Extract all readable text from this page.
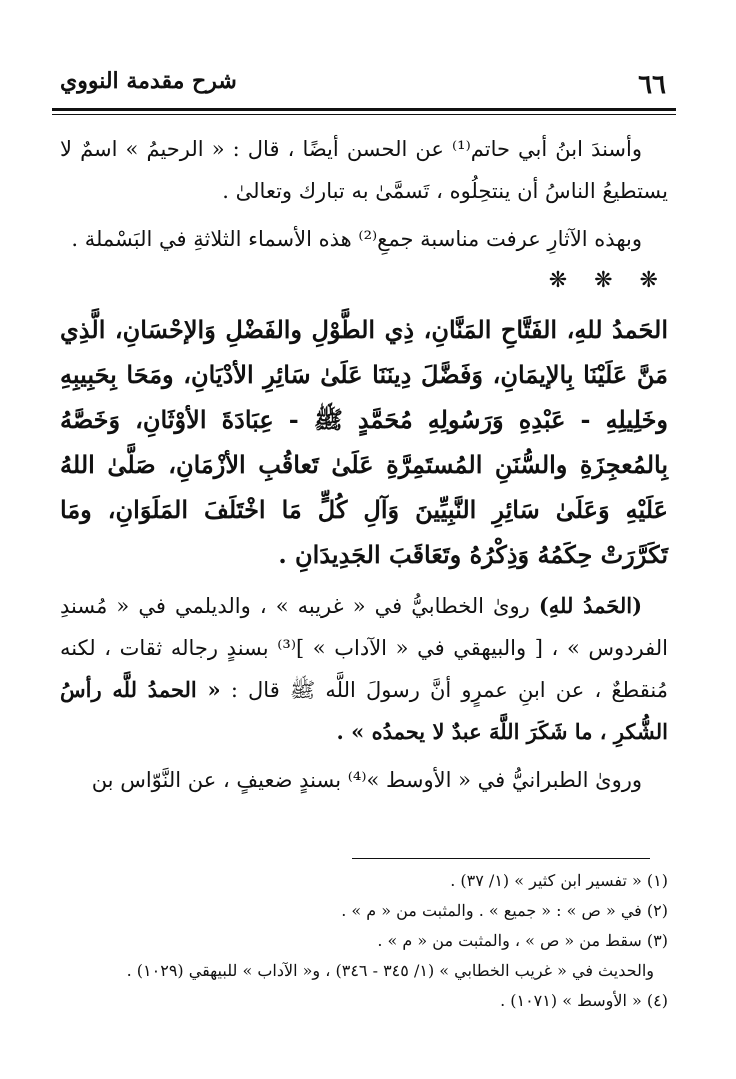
٦٦
شرح مقدمة النووي

وأسندَ ابنُ أبي حاتم⁽¹⁾ عن الحسن أيضًا ، قال : « الرحيمُ » اسمٌ لا يستطيعُ الناسُ أن ينتحِلُوه ، تَسمَّىٰ به تبارك وتعالىٰ .

وبهذه الآثارِ عرفت مناسبة جمعِ⁽²⁾ هذه الأسماء الثلاثةِ في البَسْملة .

❋ ❋ ❋

الحَمدُ للهِ، الفَتَّاحِ المَنَّانِ، ذِي الطَّوْلِ والفَضْلِ وَالإحْسَانِ، الَّذِي مَنَّ عَلَيْنَا بِالإيمَانِ، وَفَضَّلَ دِينَنَا عَلَىٰ سَائِرِ الأدْيَانِ، ومَحَا بِحَبِيبِهِ وخَلِيلِهِ - عَبْدِهِ وَرَسُولِهِ مُحَمَّدٍ ﷺ - عِبَادَةَ الأوْثَانِ، وَخَصَّهُ بِالمُعجِزَةِ والسُّنَنِ المُستَمِرَّةِ عَلَىٰ تَعاقُبِ الأزْمَانِ، صَلَّىٰ اللهُ عَلَيْهِ وَعَلَىٰ سَائِرِ النَّبِيِّينَ وَآلِ كُلٍّ مَا اخْتَلَفَ المَلَوَانِ، ومَا تَكَرَّرَتْ حِكَمُهُ وَذِكْرُهُ وتَعَاقَبَ الجَدِيدَانِ .

(الحَمدُ للهِ) روىٰ الخطابيُّ في « غريبه » ، والديلمي في « مُسندِ الفردوس » ، [ والبيهقي في « الآداب » ]⁽³⁾ بسندٍ رجاله ثقات ، لكنه مُنقطعٌ ، عن ابنِ عمرٍو أنَّ رسولَ اللَّه ﷺ قال : « الحمدُ للَّه رأسُ الشُّكرِ ، ما شَكَرَ اللَّهَ عبدٌ لا يحمدُه » .

وروىٰ الطبرانيُّ في « الأوسط »⁽⁴⁾ بسندٍ ضعيفٍ ، عن النَّوّاس بن

(١) « تفسير ابن كثير » (١/ ٣٧) .

(٢) في « ص » : « جميع » . والمثبت من « م » .

(٣) سقط من « ص » ، والمثبت من « م » .

والحديث في « غريب الخطابي » (١/ ٣٤٥ - ٣٤٦) ، و« الآداب » للبيهقي (١٠٢٩) .

(٤) « الأوسط » (١٠٧١) .
